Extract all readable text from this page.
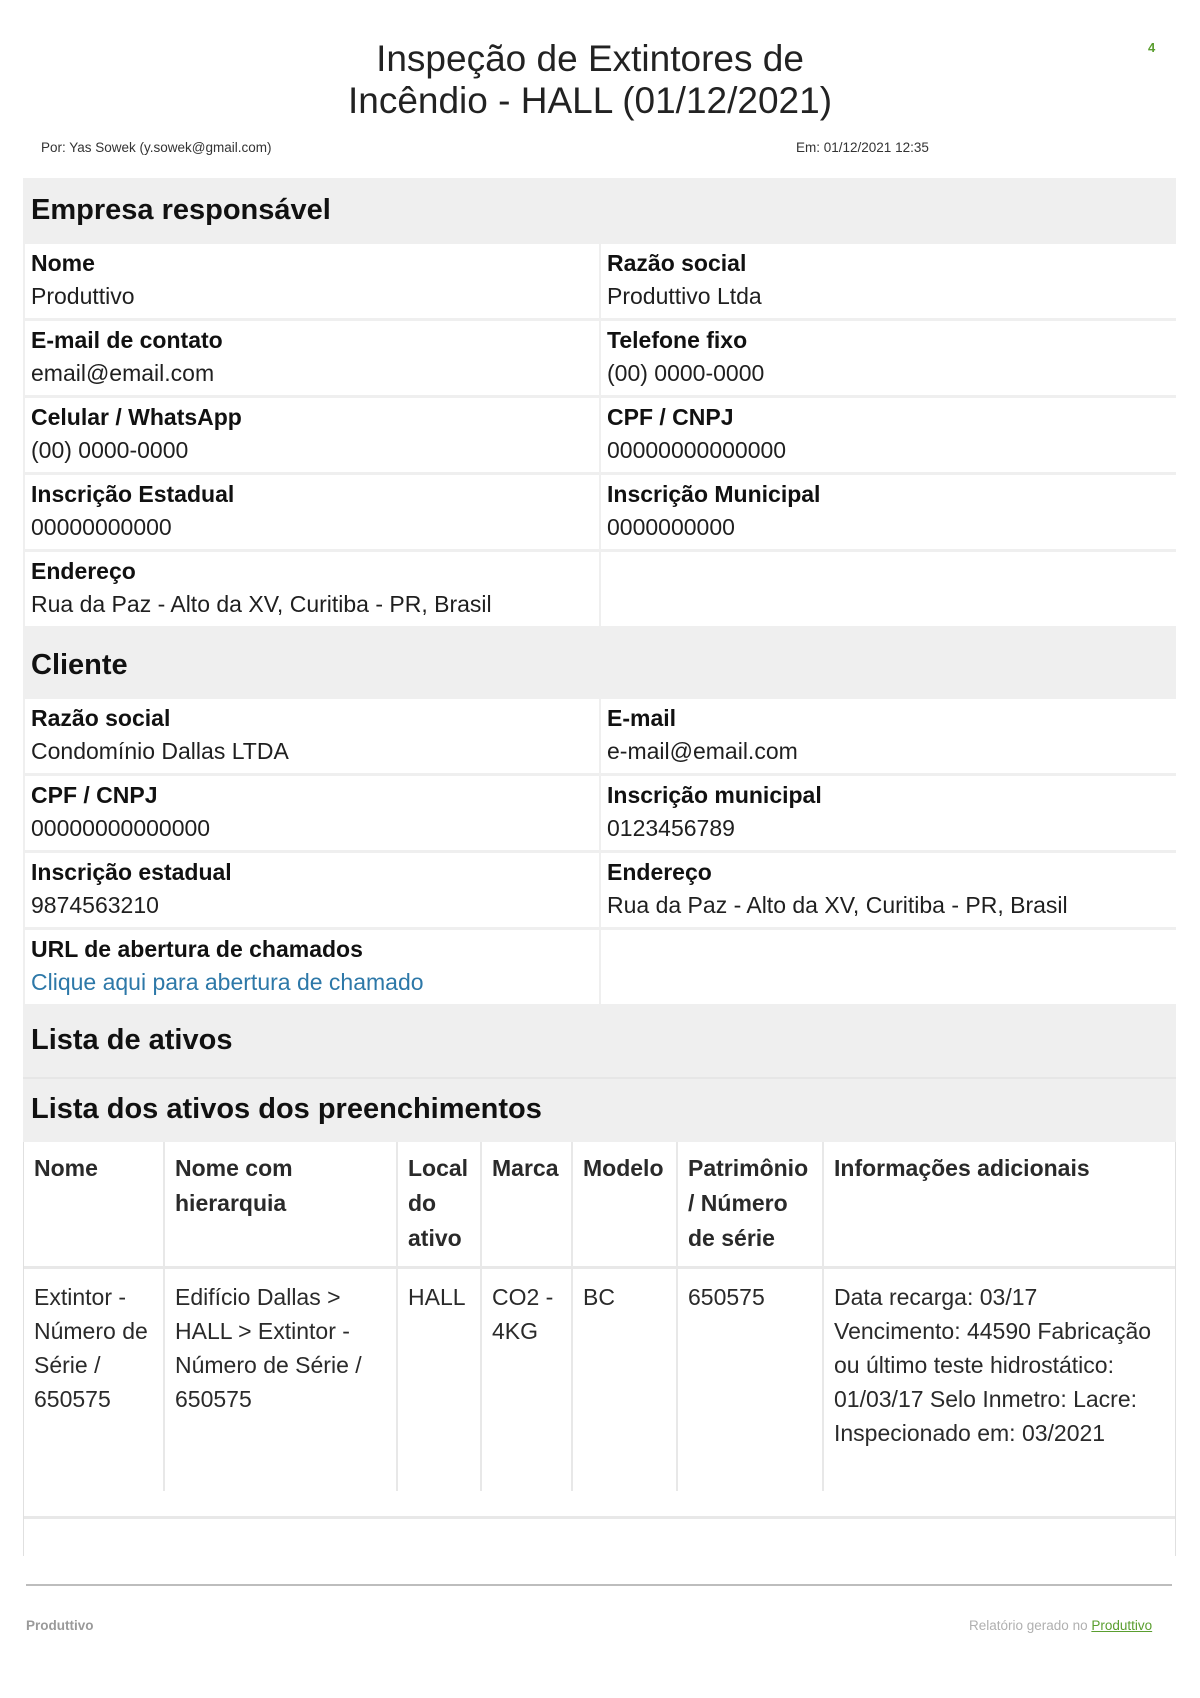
4
Inspeção de Extintores de
Incêndio - HALL (01/12/2021)
Por: Yas Sowek (y.sowek@gmail.com)	Em: 01/12/2021 12:35
Empresa responsável
Nome
Produttivo
Razão social
Produttivo Ltda
E-mail de contato
email@email.com
Telefone fixo
(00) 0000-0000
Celular / WhatsApp
(00) 0000-0000
CPF / CNPJ
00000000000000
Inscrição Estadual
00000000000
Inscrição Municipal
0000000000
Endereço
Rua da Paz - Alto da XV, Curitiba - PR, Brasil
Cliente
Razão social
Condomínio Dallas LTDA
E-mail
e-mail@email.com
CPF / CNPJ
00000000000000
Inscrição municipal
0123456789
Inscrição estadual
9874563210
Endereço
Rua da Paz - Alto da XV, Curitiba - PR, Brasil
URL de abertura de chamados
Clique aqui para abertura de chamado
Lista de ativos
Lista dos ativos dos preenchimentos
Nome	Nome com hierarquia	Local do ativo	Marca	Modelo	Patrimônio / Número de série	Informações adicionais
Extintor - Número de Série / 650575	Edifício Dallas > HALL > Extintor - Número de Série / 650575	HALL	CO2 - 4KG	BC	650575	Data recarga: 03/17 Vencimento: 44590 Fabricação ou último teste hidrostático: 01/03/17 Selo Inmetro: Lacre: Inspecionado em: 03/2021
Produttivo	Relatório gerado no Produttivo
